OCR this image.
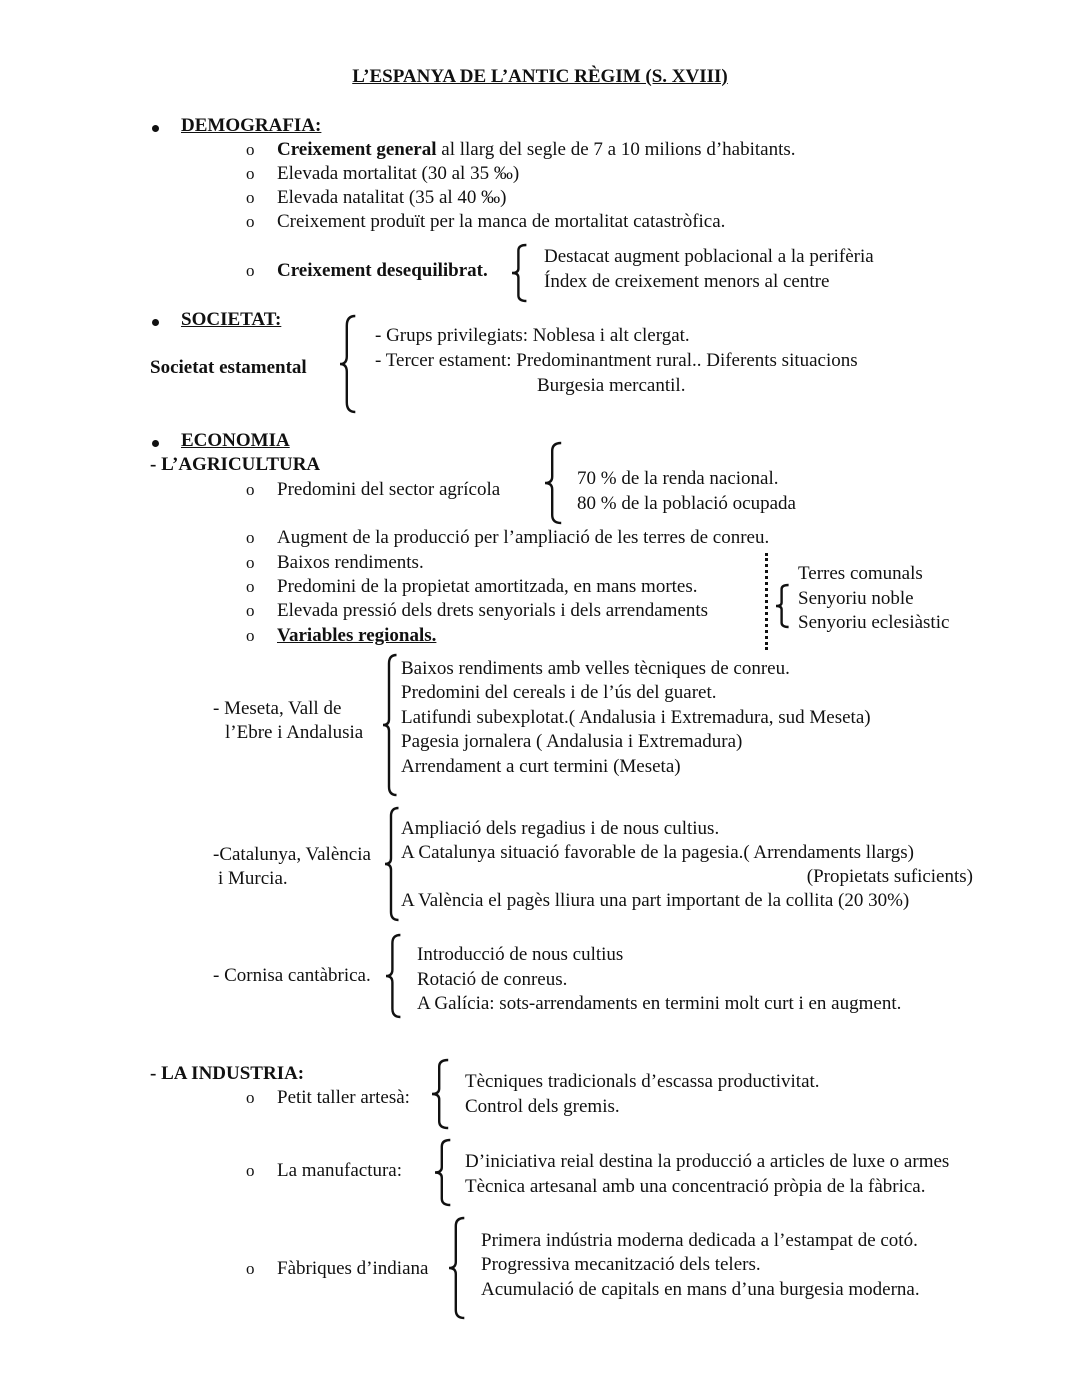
L’ESPANYA DE L’ANTIC RÈGIM (S. XVIII)
DEMOGRAFIA:
o Creixement general al llarg del segle de 7 a 10 milions d’habitants.
o Elevada mortalitat (30 al 35 ‰)
o Elevada natalitat (35 al 40 ‰)
o Creixement produït per la manca de mortalitat catastròfica.
o Creixement desequilibrat.
Destacat augment poblacional a la perifèria
Índex de creixement menors al centre
SOCIETAT:
Societat estamental
- Grups privilegiats: Noblesa i alt clergat.
- Tercer estament: Predominantment rural.. Diferents situacions
Burgesia mercantil.
ECONOMIA
- L’AGRICULTURA
o Predomini del sector agrícola
70 % de la renda nacional.
80 % de la població ocupada
o Augment de la producció per l’ampliació de les terres de conreu.
o Baixos rendiments.
o Predomini de la propietat amortitzada, en mans mortes.
o Elevada pressió dels drets senyorials i dels arrendaments
o Variables regionals.
Terres comunals
Senyoriu noble
Senyoriu eclesiàstic
- Meseta, Vall de
l’Ebre i Andalusia
Baixos rendiments amb velles tècniques de conreu.
Predomini del cereals i de l’ús del guaret.
Latifundi subexplotat.( Andalusia i Extremadura, sud Meseta)
Pagesia jornalera ( Andalusia i Extremadura)
Arrendament a curt termini (Meseta)
-Catalunya, València
i Murcia.
Ampliació dels regadius i de nous cultius.
A Catalunya situació favorable de la pagesia.( Arrendaments llargs)
(Propietats suficients)
A València el pagès lliura una part important de la collita (20 30%)
- Cornisa cantàbrica.
Introducció de nous cultius
Rotació de conreus.
A Galícia: sots-arrendaments en termini molt curt i en augment.
- LA INDUSTRIA:
o Petit taller artesà:
Tècniques tradicionals d’escassa productivitat.
Control dels gremis.
o La manufactura:	D’iniciativa reial destina la producció a articles de luxe o armes
Tècnica artesanal amb una concentració pròpia de la fàbrica.
o Fàbriques d’indiana
Primera indústria moderna dedicada a l’estampat de cotó.
Progressiva mecanització dels telers.
Acumulació de capitals en mans d’una burgesia moderna.
